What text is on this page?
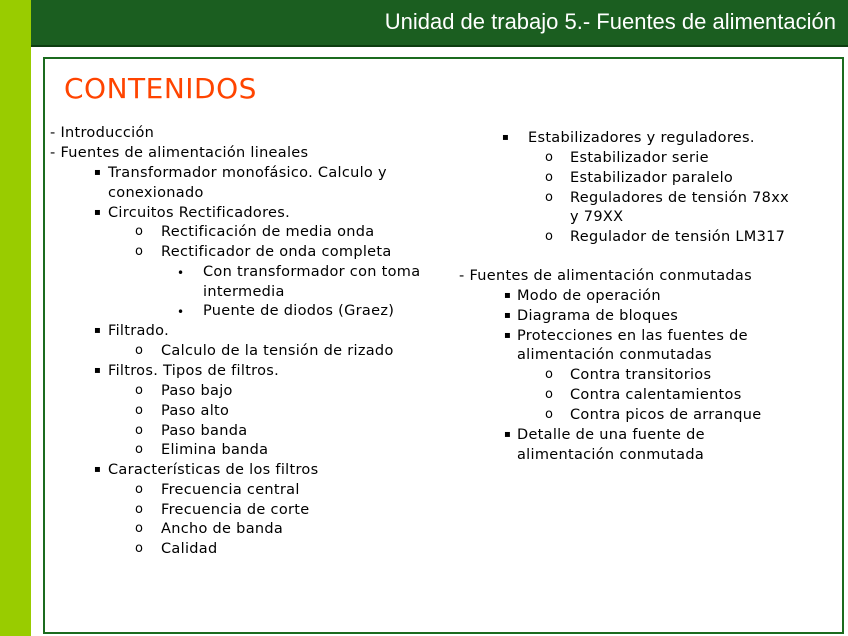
Unidad de trabajo 5.- Fuentes de alimentación
CONTENIDOS
- Introducción
- Fuentes de alimentación lineales
▪ Transformador monofásico. Calculo y
conexionado
▪ Circuitos Rectificadores.
o Rectificación de media onda
o Rectificador de onda completa
• Con transformador con toma
intermedia
• Puente de diodos (Graez)
▪ Filtrado.
o Calculo de la tensión de rizado
▪ Filtros. Tipos de filtros.
o Paso bajo
o Paso alto
o Paso banda
o Elimina banda
▪ Características de los filtros
o Frecuencia central
o Frecuencia de corte
o Ancho de banda
o Calidad
▪ Estabilizadores y reguladores.
o Estabilizador serie
o Estabilizador paralelo
o Reguladores de tensión 78xx
y 79XX
o Regulador de tensión LM317
- Fuentes de alimentación conmutadas
▪ Modo de operación
▪ Diagrama de bloques
▪ Protecciones en las fuentes de
alimentación conmutadas
o Contra transitorios
o Contra calentamientos
o Contra picos de arranque
▪ Detalle de una fuente de
alimentación conmutada
